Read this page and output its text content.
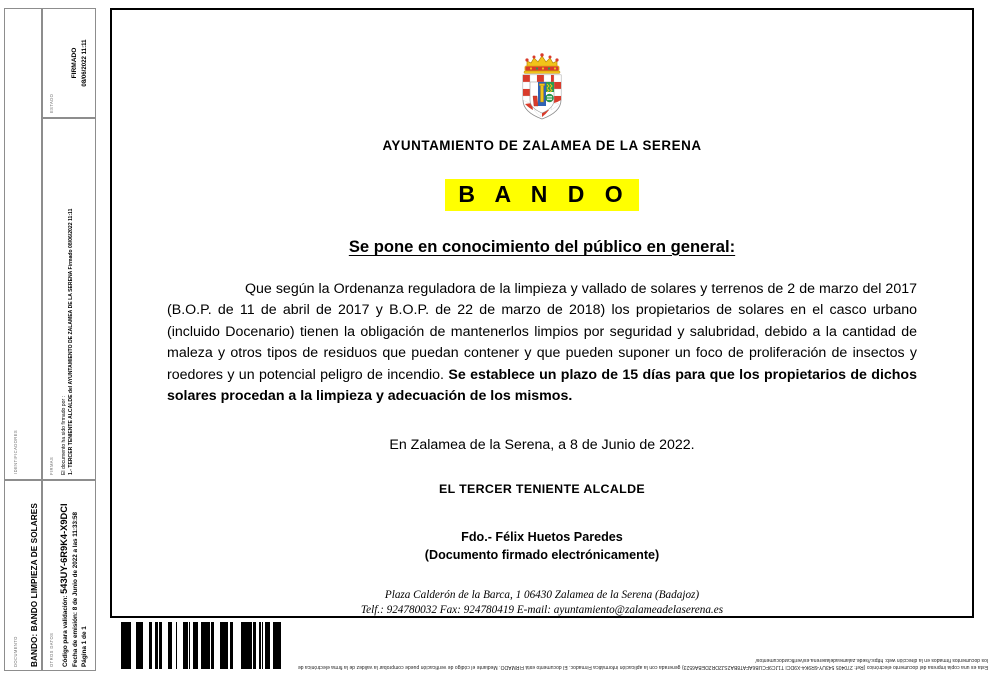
DOCUMENTO BANDO: BANDO LIMPIEZA DE SOLARES
IDENTIFICADORES
ESTADO
FIRMADO 08/06/2022 11:11
FIRMAS El documento ha sido firmado por : 1.- TERCER TENIENTE ALCALDE del AYUNTAMIENTO DE ZALAMEA DE LA SERENA Firmado 08/06/2022 11:11
OTROS DATOS	Código para validación: 543UY-6R9K4-X9DCI
Fecha de emisión: 8 de Junio de 2022 a las 11:33:58
Página 1 de 1
AYUNTAMIENTO DE ZALAMEA DE LA SERENA
B A N D O
Se pone en conocimiento del público en general:

Que según la Ordenanza reguladora de la limpieza y vallado de solares y terrenos de 2 de marzo del 2017 (B.O.P. de 11 de abril de 2017 y B.O.P. de 22 de marzo de 2018) los propietarios de solares en el casco urbano (incluido Docenario) tienen la obligación de mantenerlos limpios por seguridad y salubridad, debido a la cantidad de maleza y otros tipos de residuos que puedan contener y que pueden suponer un foco de proliferación de insectos y roedores y un potencial peligro de incendio. Se establece un plazo de 15 días para que los propietarios de dichos solares procedan a la limpieza y adecuación de los mismos.

En Zalamea de la Serena, a 8 de Junio de 2022.
EL TERCER TENIENTE ALCALDE
Fdo.- Félix Huetos Paredes
(Documento firmado electrónicamente)
Plaza Calderón de la Barca, 1 06430 Zalamea de la Serena (Badajoz)
Telf.: 924780032 Fax: 924780419 E-mail: ayuntamiento@zalameadelaserena.es
Esta es una copia impresa del documento electrónico (Ref: 270405 543UY-6R9K4-X9DCI T1JC9FCUB6AFAT8BA2SJ2DR2DEBA6523) generada con la aplicación informática Firmadoc. El documento está FIRMADO. Mediante el código de verificación puede comprobar la validez de la firma electrónica de los documentos firmados en la dirección web: https://sede.zalameadelaserena.es/verificardocumentos/
